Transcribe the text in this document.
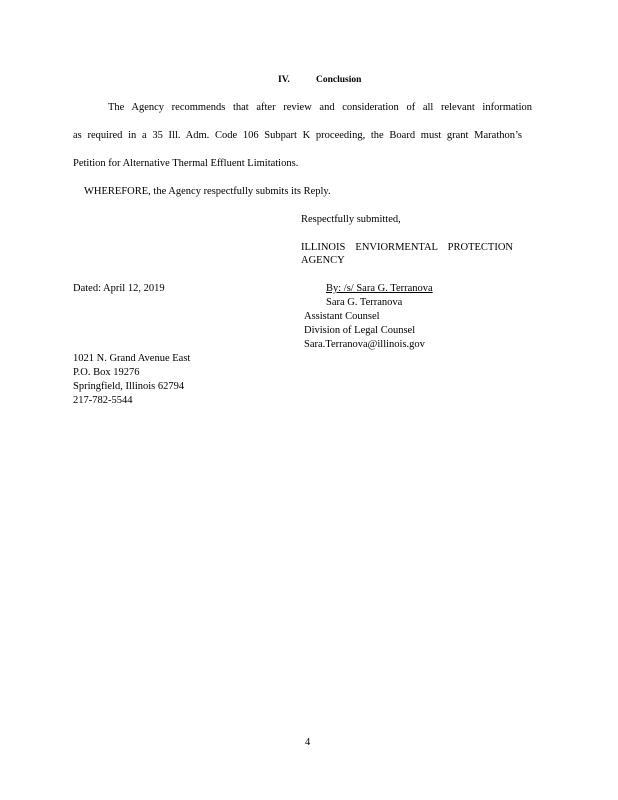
IV.	Conclusion
The Agency recommends that after review and consideration of all relevant information
as required in a 35 Ill. Adm. Code 106 Subpart K proceeding, the Board must grant Marathon’s
Petition for Alternative Thermal Effluent Limitations.
WHEREFORE, the Agency respectfully submits its Reply.
Respectfully submitted,
ILLINOIS ENVIORMENTAL PROTECTION
AGENCY
Dated: April 12, 2019	By: /s/ Sara G. Terranova
Sara G. Terranova
Assistant Counsel
Division of Legal Counsel
Sara.Terranova@illinois.gov
1021 N. Grand Avenue East
P.O. Box 19276
Springfield, Illinois 62794
217-782-5544
4
